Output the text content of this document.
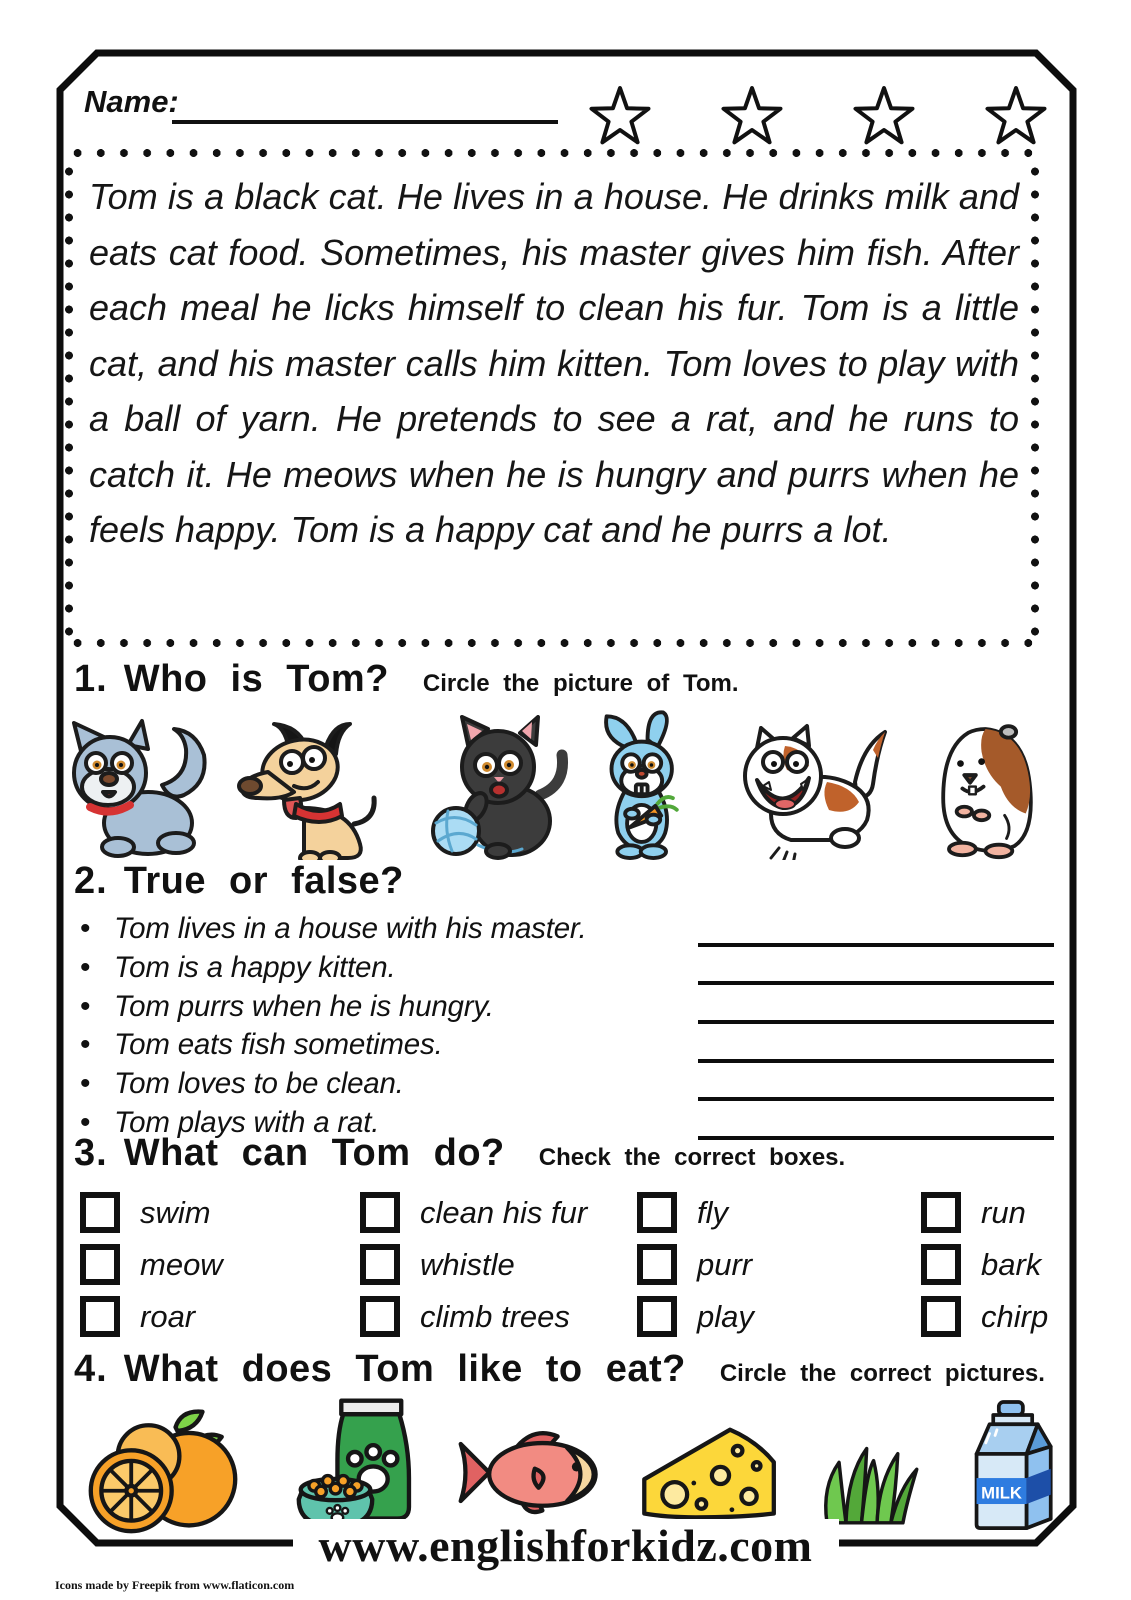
Name:
Tom is a black cat. He lives in a house. He drinks milk and eats cat food. Sometimes, his master gives him fish. After each meal he licks himself to clean his fur. Tom is a little cat, and his master calls him kitten. Tom loves to play with a ball of yarn. He pretends to see a rat, and he runs to catch it. He meows when he is hungry and purrs when he feels happy. Tom is a happy cat and he purrs a lot.
1. Who is Tom? Circle the picture of Tom.
2. True or false?
• Tom lives in a house with his master.
• Tom is a happy kitten.
• Tom purrs when he is hungry.
• Tom eats fish sometimes.
• Tom loves to be clean.
• Tom plays with a rat.
3. What can Tom do? Check the correct boxes.
swim
meow
roar
clean his fur
whistle
climb trees
fly
purr
play
run
bark
chirp
4. What does Tom like to eat? Circle the correct pictures.
MILK
www.englishforkidz.com
Icons made by Freepik from www.flaticon.com
